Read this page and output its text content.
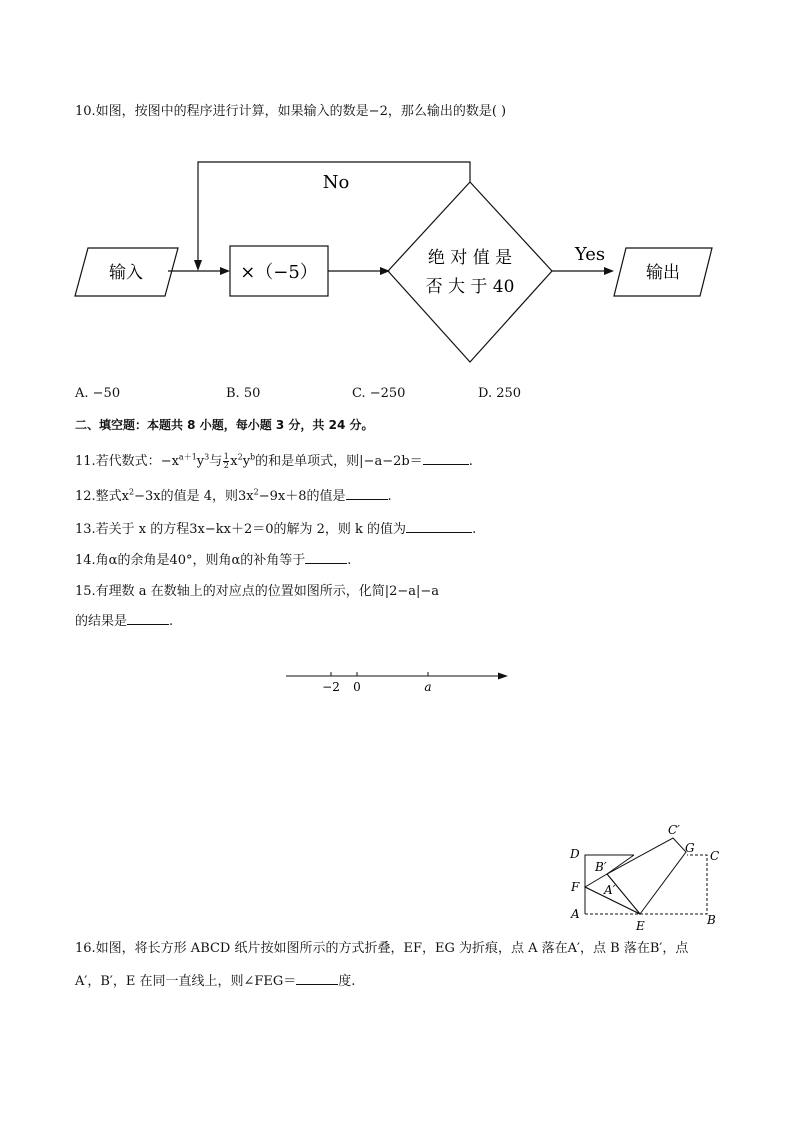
10.如图，按图中的程序进行计算，如果输入的数是−2，那么输出的数是( )
输入
No
×（−5）
绝 对 值 是
否 大 于 40
Yes
输出
A. −50	B. 50	C. −250	D. 250
二、填空题：本题共 8 小题，每小题 3 分，共 24 分。
11.若代数式：$-x^{a+1}y^3$与 $\frac{1}{2} x^2y^b$的和是单项式，则|−a−2b＝	.
12.整式$x^2-3x$的值是 4，则$3x^2-9x+8$的值是	.
13.若关于 x 的方程3x−kx＋2＝0的解为 2，则 k 的值为	.
14.角α的余角是40°，则角α的补角等于	.
15.有理数 a 在数轴上的对应点的位置如图所示，化简|2−a|−a
的结果是	.
−2 0	a
D	C
C′
G
B′
A′
F
A
E	B
16.如图，将长方形 ABCD 纸片按如图所示的方式折叠，EF，EG 为折痕，点 A 落在A′，点 B 落在B′，点
A′，B′，E 在同一直线上，则∠FEG＝	度.
